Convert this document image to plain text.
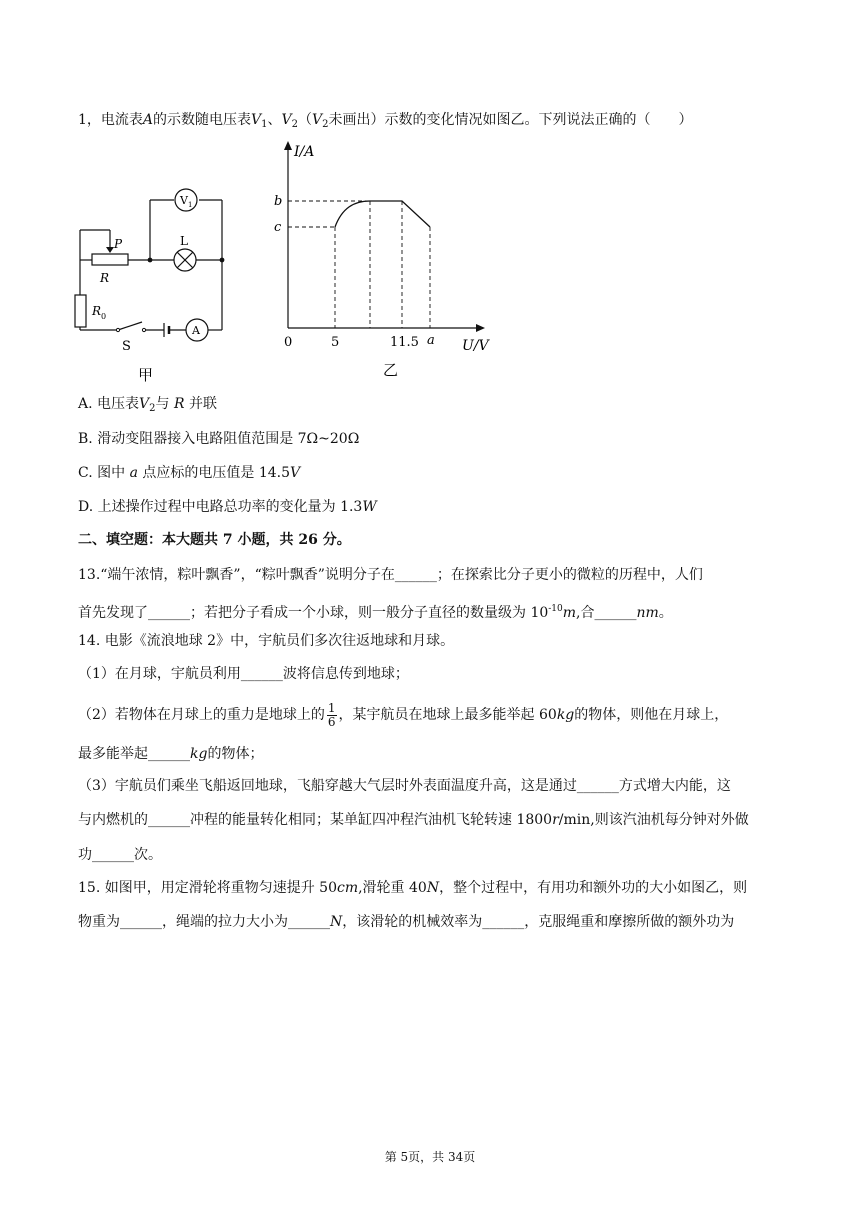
1，电流表A的示数随电压表$V_1$、$V_2(V_2$未画出）示数的变化情况如图乙。下列说法正确的（　　）
V 1
L
P
R
R 0
S
A
甲
I/A
U/V
b
c
0	5	11.5 a
乙
A. 电压表$V_2$与 R 并联
B. 滑动变阻器接入电路阻值范围是 7Ω~20Ω
C. 图中 a 点应标的电压值是 14.5V
D. 上述操作过程中电路总功率的变化量为 1.3W
二、填空题：本大题共 7 小题，共 26 分。
13.“端午浓情，粽叶飘香”，“粽叶飘香”说明分子在______；在探索比分子更小的微粒的历程中，人们
首先发现了______；若把分子看成一个小球，则一般分子直径的数量级为 $10^{-10}m$,合______nm。
14. 电影《流浪地球 2》中，宇航员们多次往返地球和月球。
（1）在月球，宇航员利用______波将信息传到地球；
（2）若物体在月球上的重力是地球上的 $\frac{1}{6}$ ，某宇航员在地球上最多能举起 60kg的物体，则他在月球上，
最多能举起______kg的物体；
（3）宇航员们乘坐飞船返回地球，飞船穿越大气层时外表面温度升高，这是通过______方式增大内能，这
与内燃机的______冲程的能量转化相同；某单缸四冲程汽油机飞轮转速 1800r/min,则该汽油机每分钟对外做
功______次。
15. 如图甲，用定滑轮将重物匀速提升 50cm,滑轮重 40N，整个过程中，有用功和额外功的大小如图乙，则
物重为______，绳端的拉力大小为______N，该滑轮的机械效率为______，克服绳重和摩擦所做的额外功为
第 5页，共 34页
